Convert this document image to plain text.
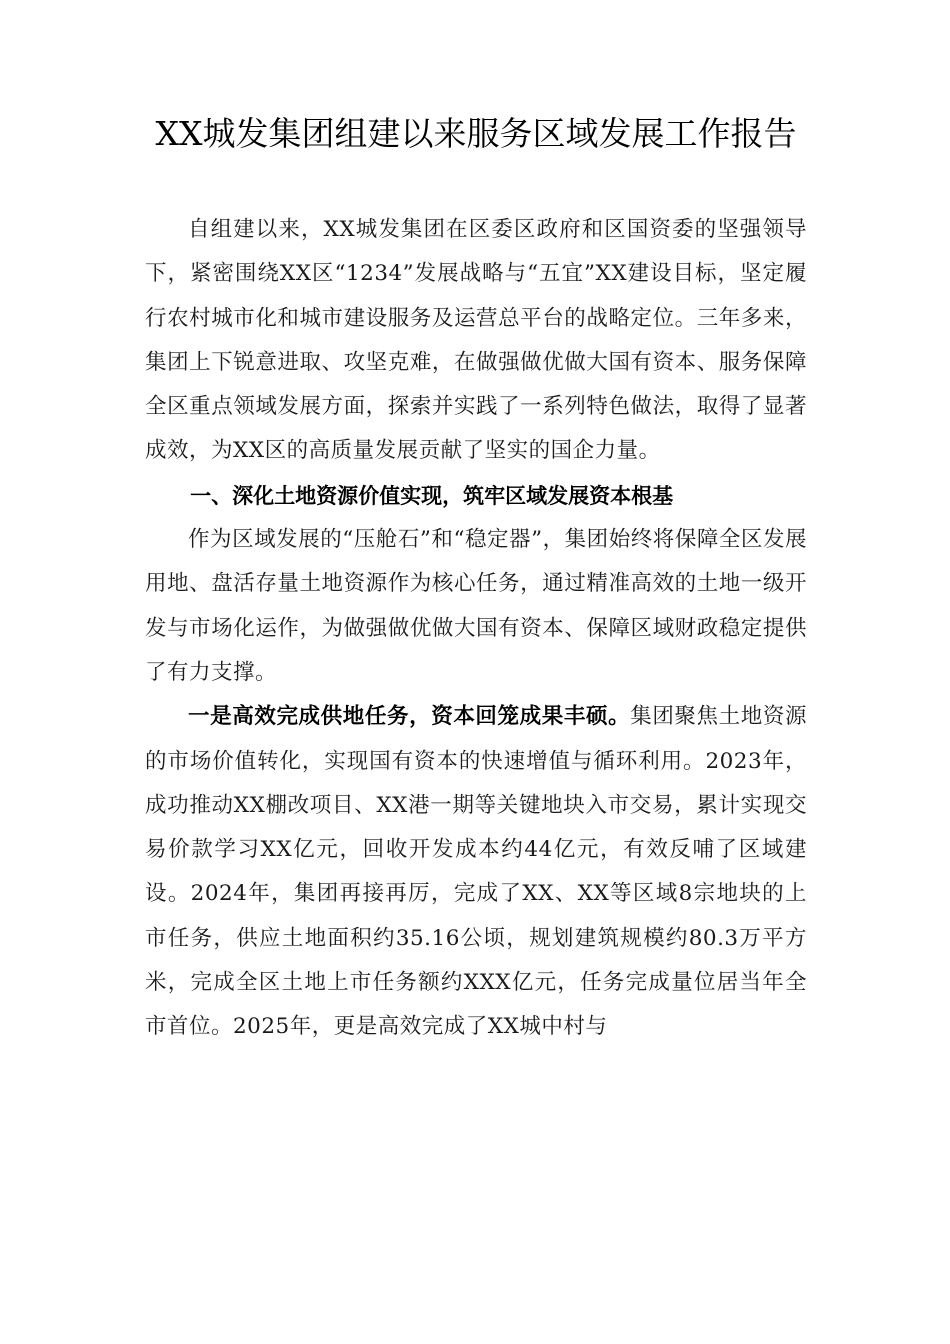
XX城发集团组建以来服务区域发展工作报告

自组建以来，XX城发集团在区委区政府和区国资委的坚强领导下，紧密围绕XX区“1234”发展战略与“五宜”XX建设目标，坚定履行农村城市化和城市建设服务及运营总平台的战略定位。三年多来，集团上下锐意进取、攻坚克难，在做强做优做大国有资本、服务保障全区重点领域发展方面，探索并实践了一系列特色做法，取得了显著成效，为XX区的高质量发展贡献了坚实的国企力量。

一、深化土地资源价值实现，筑牢区域发展资本根基

作为区域发展的“压舱石”和“稳定器”，集团始终将保障全区发展用地、盘活存量土地资源作为核心任务，通过精准高效的土地一级开发与市场化运作，为做强做优做大国有资本、保障区域财政稳定提供了有力支撑。

一是高效完成供地任务，资本回笼成果丰硕。集团聚焦土地资源的市场价值转化，实现国有资本的快速增值与循环利用。2023年，成功推动XX棚改项目、XX港一期等关键地块入市交易，累计实现交易价款学习XX亿元，回收开发成本约44亿元，有效反哺了区域建设。2024年，集团再接再厉，完成了XX、XX等区域8宗地块的上市任务，供应土地面积约35.16公顷，规划建筑规模约80.3万平方米，完成全区土地上市任务额约XXX亿元，任务完成量位居当年全市首位。2025年，更是高效完成了XX城中村与
